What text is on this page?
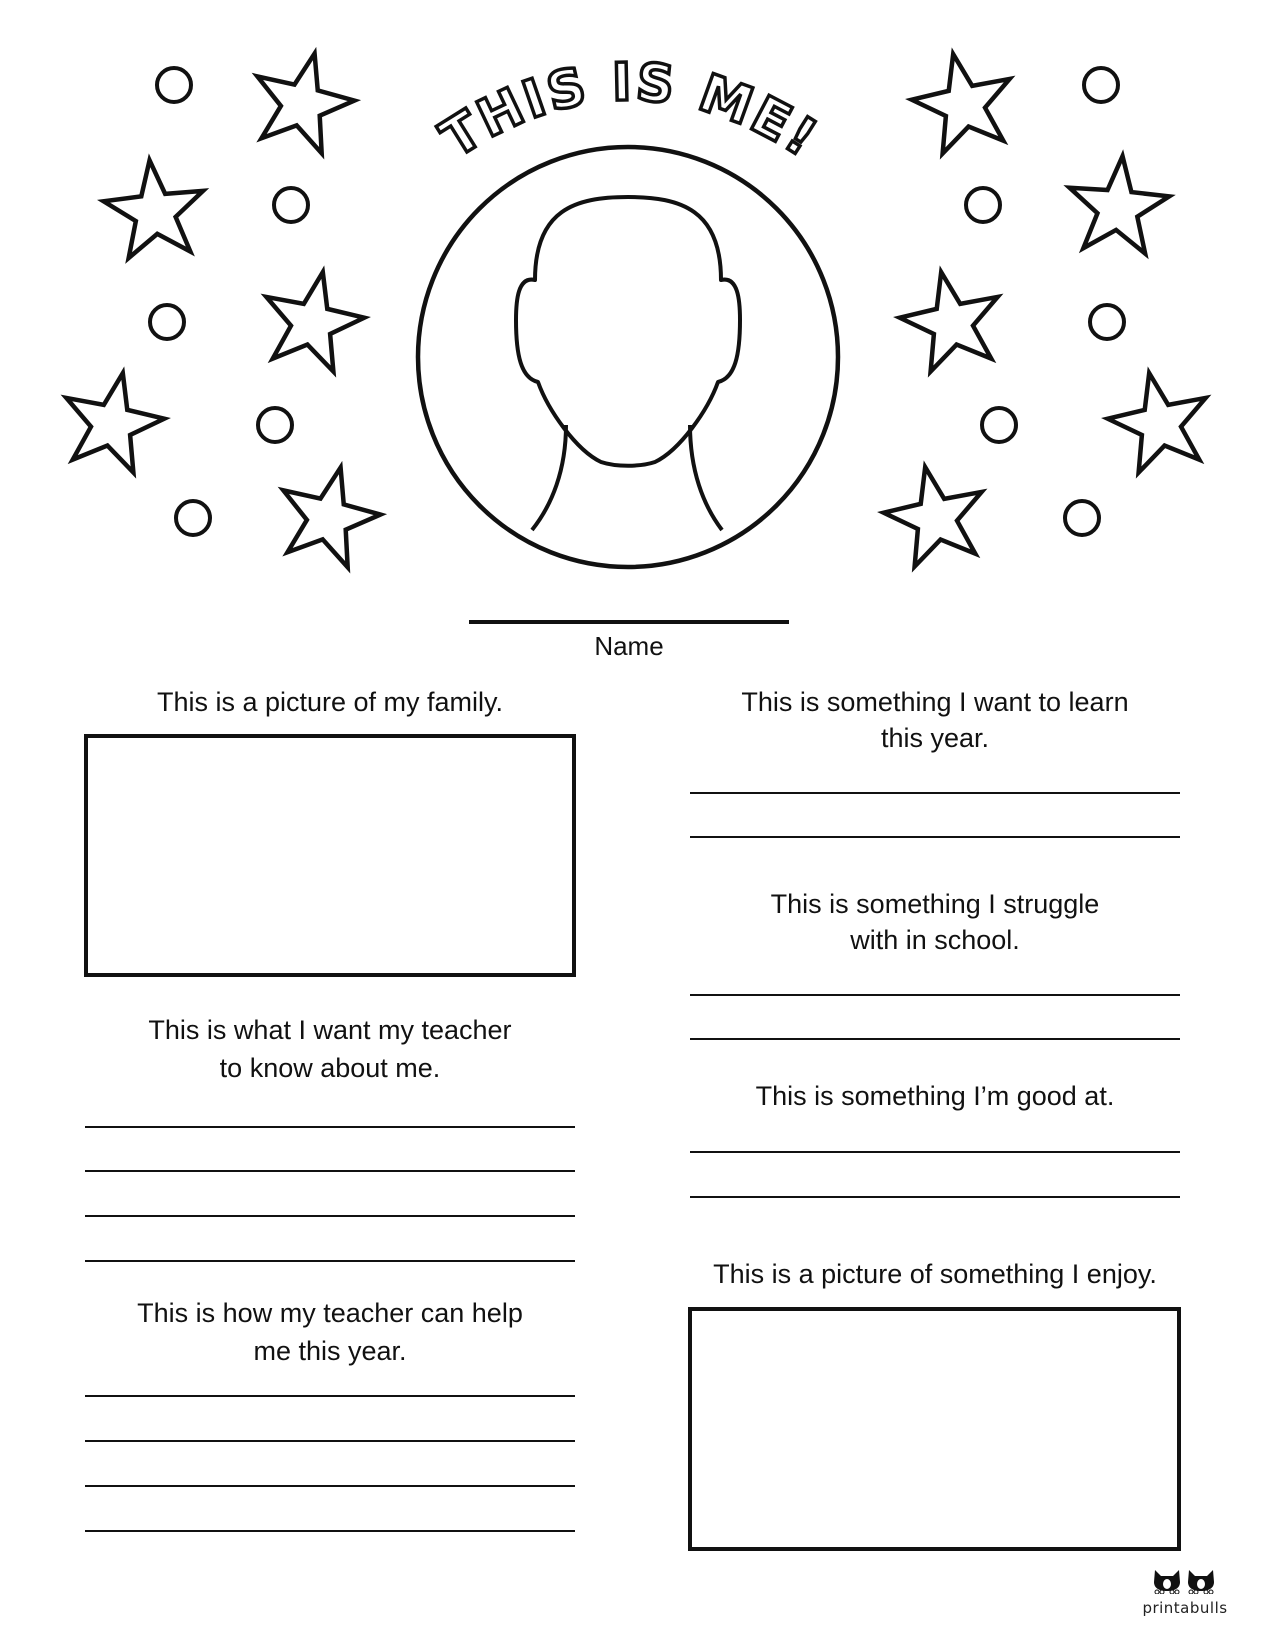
THIS IS ME!
Name
This is a picture of my family.
This is what I want my teacher
to know about me.
This is how my teacher can help
me this year.
This is something I want to learn
this year.
This is something I struggle
with in school.
This is something I’m good at.
This is a picture of something I enjoy.
printabulls
